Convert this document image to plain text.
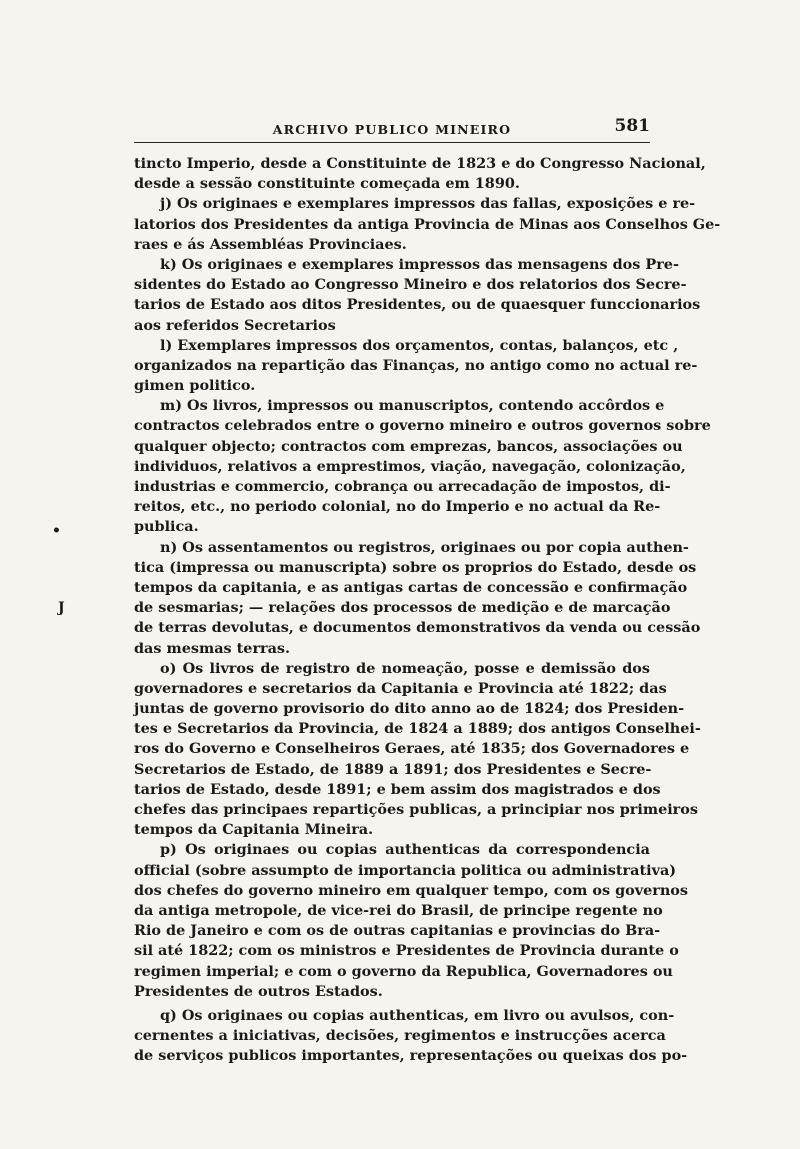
ARCHIVO PUBLICO MINEIRO	581
•
J
tincto Imperio, desde a Constituinte de 1823 e do Congresso Nacional,
desde a sessão constituinte começada em 1890.
j) Os originaes e exemplares impressos das fallas, exposições e re-
latorios dos Presidentes da antiga Provincia de Minas aos Conselhos Ge-
raes e ás Assembléas Provinciaes.
k) Os originaes e exemplares impressos das mensagens dos Pre-
sidentes do Estado ao Congresso Mineiro e dos relatorios dos Secre-
tarios de Estado aos ditos Presidentes, ou de quaesquer funccionarios
aos referidos Secretarios
l) Exemplares impressos dos orçamentos, contas, balanços, etc ,
organizados na repartição das Finanças, no antigo como no actual re-
gimen politico.
m) Os livros, impressos ou manuscriptos, contendo accôrdos e
contractos celebrados entre o governo mineiro e outros governos sobre
qualquer objecto; contractos com emprezas, bancos, associações ou
individuos, relativos a emprestimos, viação, navegação, colonização,
industrias e commercio, cobrança ou arrecadação de impostos, di-
reitos, etc., no periodo colonial, no do Imperio e no actual da Re-
publica.
n) Os assentamentos ou registros, originaes ou por copia authen-
tica (impressa ou manuscripta) sobre os proprios do Estado, desde os
tempos da capitania, e as antigas cartas de concessão e confirmação
de sesmarias; — relações dos processos de medição e de marcação
de terras devolutas, e documentos demonstrativos da venda ou cessão
das mesmas terras.
o) Os livros de registro de nomeação, posse e demissão dos
governadores e secretarios da Capitania e Provincia até 1822; das
juntas de governo provisorio do dito anno ao de 1824; dos Presiden-
tes e Secretarios da Provincia, de 1824 a 1889; dos antigos Conselhei-
ros do Governo e Conselheiros Geraes, até 1835; dos Governadores e
Secretarios de Estado, de 1889 a 1891; dos Presidentes e Secre-
tarios de Estado, desde 1891; e bem assim dos magistrados e dos
chefes das principaes repartições publicas, a principiar nos primeiros
tempos da Capitania Mineira.
p) Os originaes ou copias authenticas da correspondencia
official (sobre assumpto de importancia politica ou administrativa)
dos chefes do governo mineiro em qualquer tempo, com os governos
da antiga metropole, de vice-rei do Brasil, de principe regente no
Rio de Janeiro e com os de outras capitanias e provincias do Bra-
sil até 1822; com os ministros e Presidentes de Provincia durante o
regimen imperial; e com o governo da Republica, Governadores ou
Presidentes de outros Estados.
q) Os originaes ou copias authenticas, em livro ou avulsos, con-
cernentes a iniciativas, decisões, regimentos e instrucções acerca
de serviços publicos importantes, representações ou queixas dos po-
